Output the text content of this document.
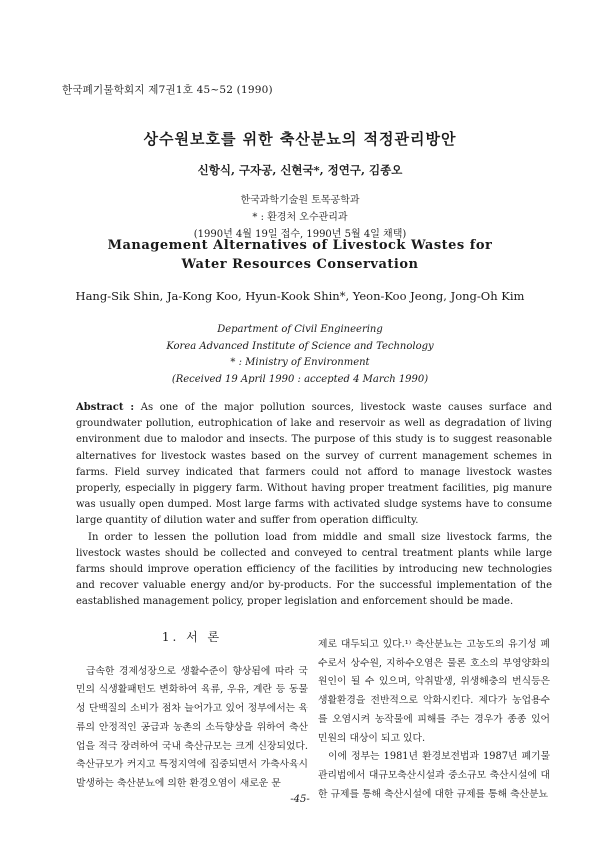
한국폐기물학회지 제7권1호 45~52 (1990)
상수원보호를 위한 축산분뇨의 적정관리방안
신항식, 구자공, 신현국*, 정연구, 김종오
한국과학기술원 토목공학과
* : 환경처 오수관리과
(1990년 4월 19일 접수, 1990년 5월 4일 채택)
Management Alternatives of Livestock Wastes for
Water Resources Conservation
Hang-Sik Shin, Ja-Kong Koo, Hyun-Kook Shin*, Yeon-Koo Jeong, Jong-Oh Kim
Department of Civil Engineering
Korea Advanced Institute of Science and Technology
* : Ministry of Environment
(Received 19 April 1990 : accepted 4 March 1990)

Abstract : As one of the major pollution sources, livestock waste causes surface and groundwater pollution, eutrophication of lake and reservoir as well as degradation of living environment due to malodor and insects. The purpose of this study is to suggest reasonable alternatives for livestock wastes based on the survey of current management schemes in farms. Field survey indicated that farmers could not afford to manage livestock wastes properly, especially in piggery farm. Without having proper treatment facilities, pig manure was usually open dumped. Most large farms with activated sludge systems have to consume large quantity of dilution water and suffer from operation difficulty.

In order to lessen the pollution load from middle and small size livestock farms, the livestock wastes should be collected and conveyed to central treatment plants while large farms should improve operation efficiency of the facilities by introducing new technologies and recover valuable energy and/or by-products. For the successful implementation of the eastablished management policy, proper legislation and enforcement should be made.

1. 서 론

급속한 경제성장으로 생활수준이 향상됨에 따라 국민의 식생활패턴도 변화하여 육류, 우유, 계란 등 동물성 단백질의 소비가 점차 늘어가고 있어 정부에서는 육류의 안정적인 공급과 농촌의 소득향상을 위하여 축산업을 적극 장려하여 국내 축산규모는 크게 신장되었다. 축산규모가 커지고 특정지역에 집중되면서 가축사육시 발생하는 축산분뇨에 의한 환경오염이 새로운 문

제로 대두되고 있다.¹⁾ 축산분뇨는 고농도의 유기성 폐수로서 상수원, 지하수오염은 물론 호소의 부영양화의 원인이 될 수 있으며, 악취발생, 위생해충의 번식등은 생활환경을 전반적으로 악화시킨다. 제다가 농업용수를 오염시켜 농작물에 피해를 주는 경우가 종종 있어 민원의 대상이 되고 있다.

이에 정부는 1981년 환경보전법과 1987년 폐기물관리법에서 대규모축산시설과 중소규모 축산시설에 대한 규제를 통해 축산시설에 대한 규제를 통해 축산분뇨

-45-
